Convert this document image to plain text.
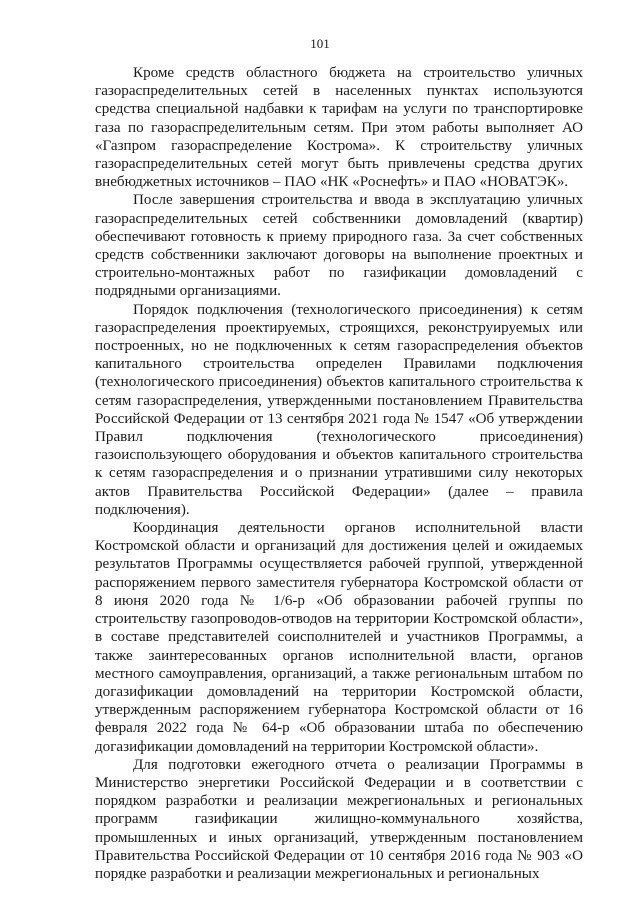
101

Кроме средств областного бюджета на строительство уличных газораспределительных сетей в населенных пунктах используются средства специальной надбавки к тарифам на услуги по транспортировке газа по газораспределительным сетям. При этом работы выполняет АО «Газпром газораспределение Кострома». К строительству уличных газораспределительных сетей могут быть привлечены средства других внебюджетных источников – ПАО «НК «Роснефть» и ПАО «НОВАТЭК».

После завершения строительства и ввода в эксплуатацию уличных газораспределительных сетей собственники домовладений (квартир) обеспечивают готовность к приему природного газа. За счет собственных средств собственники заключают договоры на выполнение проектных и строительно-монтажных работ по газификации домовладений с подрядными организациями.

Порядок подключения (технологического присоединения) к сетям газораспределения проектируемых, строящихся, реконструируемых или построенных, но не подключенных к сетям газораспределения объектов капитального строительства определен Правилами подключения (технологического присоединения) объектов капитального строительства к сетям газораспределения, утвержденными постановлением Правительства Российской Федерации от 13 сентября 2021 года № 1547 «Об утверждении Правил подключения (технологического присоединения) газоиспользующего оборудования и объектов капитального строительства к сетям газораспределения и о признании утратившими силу некоторых актов Правительства Российской Федерации» (далее – правила подключения).

Координация деятельности органов исполнительной власти Костромской области и организаций для достижения целей и ожидаемых результатов Программы осуществляется рабочей группой, утвержденной распоряжением первого заместителя губернатора Костромской области от 8 июня 2020 года № 1/6-р «Об образовании рабочей группы по строительству газопроводов-отводов на территории Костромской области», в составе представителей соисполнителей и участников Программы, а также заинтересованных органов исполнительной власти, органов местного самоуправления, организаций, а также региональным штабом по догазификации домовладений на территории Костромской области, утвержденным распоряжением губернатора Костромской области от 16 февраля 2022 года № 64-р «Об образовании штаба по обеспечению догазификации домовладений на территории Костромской области».

Для подготовки ежегодного отчета о реализации Программы в Министерство энергетики Российской Федерации и в соответствии с порядком разработки и реализации межрегиональных и региональных программ газификации жилищно-коммунального хозяйства, промышленных и иных организаций, утвержденным постановлением Правительства Российской Федерации от 10 сентября 2016 года № 903 «О порядке разработки и реализации межрегиональных и региональных
